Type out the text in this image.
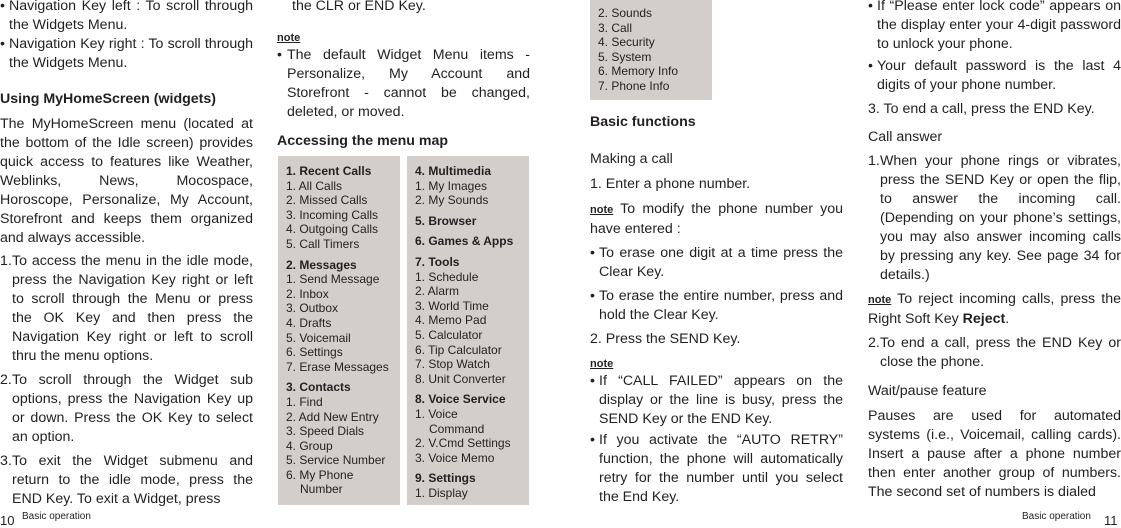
• Navigation Key left : To scroll through the Widgets Menu.
• Navigation Key right : To scroll through the Widgets Menu.
Using MyHomeScreen (widgets)
The MyHomeScreen menu (located at the bottom of the Idle screen) provides quick access to features like Weather, Weblinks, News, Mocospace, Horoscope, Personalize, My Account, Storefront and keeps them organized and always accessible.
1. To access the menu in the idle mode, press the Navigation Key right or left to scroll through the Menu or press the OK Key and then press the Navigation Key right or left to scroll thru the menu options.
2. To scroll through the Widget sub options, press the Navigation Key up or down. Press the OK Key to select an option.
3. To exit the Widget submenu and return to the idle mode, press the END Key. To exit a Widget, press
the CLR or END Key.
note
• The default Widget Menu items - Personalize, My Account and Storefront - cannot be changed, deleted, or moved.
Accessing the menu map
1. Recent Calls
1. All Calls
2. Missed Calls
3. Incoming Calls
4. Outgoing Calls
5. Call Timers
2. Messages
1. Send Message
2. Inbox
3. Outbox
4. Drafts
5. Voicemail
6. Settings
7. Erase Messages
3. Contacts
1. Find
2. Add New Entry
3. Speed Dials
4. Group
5. Service Number
6. My Phone
Number
4. Multimedia
1. My Images
2. My Sounds
5. Browser
6. Games & Apps
7. Tools
1. Schedule
2. Alarm
3. World Time
4. Memo Pad
5. Calculator
6. Tip Calculator
7. Stop Watch
8. Unit Converter
8. Voice Service
1. Voice
Command
2. V.Cmd Settings
3. Voice Memo
9. Settings
1. Display
2. Sounds
3. Call
4. Security
5. System
6. Memory Info
7. Phone Info
Basic functions
Making a call
1. Enter a phone number.
note To modify the phone number you have entered :
• To erase one digit at a time press the Clear Key.
• To erase the entire number, press and hold the Clear Key.
2. Press the SEND Key.
note
• If “CALL FAILED” appears on the display or the line is busy, press the SEND Key or the END Key.
• If you activate the “AUTO RETRY” function, the phone will automatically retry for the number until you select the End Key.
• If “Please enter lock code” appears on the display enter your 4-digit password to unlock your phone.
• Your default password is the last 4 digits of your phone number.
3. To end a call, press the END Key.
Call answer
1. When your phone rings or vibrates, press the SEND Key or open the flip, to answer the incoming call. (Depending on your phone’s settings, you may also answer incoming calls by pressing any key. See page 34 for details.)
note To reject incoming calls, press the Right Soft Key Reject.
2. To end a call, press the END Key or close the phone.
Wait/pause feature
Pauses are used for automated systems (i.e., Voicemail, calling cards). Insert a pause after a phone number then enter another group of numbers. The second set of numbers is dialed
10 Basic operation	Basic operation 11
